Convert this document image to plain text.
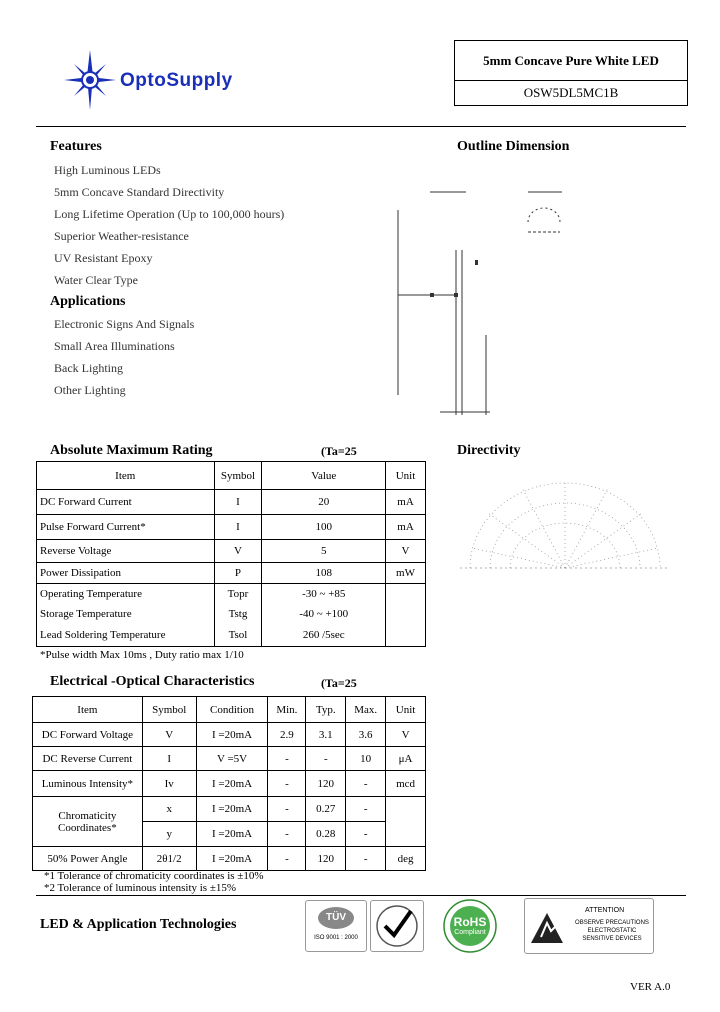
OptoSupply
5mm Concave Pure White LED
OSW5DL5MC1B
Features
High Luminous LEDs
5mm Concave Standard Directivity
Long Lifetime Operation (Up to 100,000 hours)
Superior Weather-resistance
UV Resistant Epoxy
Water Clear Type
Applications
Electronic Signs And Signals
Small Area Illuminations
Back Lighting
Other Lighting
Outline Dimension
Directivity
Absolute Maximum Rating	(Ta=25
Item	Symbol	Value	Unit
DC Forward Current	I	20	mA
Pulse Forward Current*	I	100	mA
Reverse Voltage	V	5	V
Power Dissipation	P	108	mW
Operating Temperature	Topr	-30 ~ +85	
Storage Temperature	Tstg	-40 ~ +100	
Lead Soldering Temperature	Tsol	260 /5sec	
*Pulse width Max 10ms , Duty ratio max 1/10
Electrical -Optical Characteristics	(Ta=25
Item	Symbol	Condition	Min.	Typ.	Max.	Unit
DC Forward Voltage	V	I =20mA	2.9	3.1	3.6	V
DC Reverse Current	I	V =5V	-	-	10	μA
Luminous Intensity*	Iv	I =20mA	-	120	-	mcd
Chromaticity Coordinates*	x	I =20mA	-	0.27	-	
	y	I =20mA	-	0.28	-	
50% Power Angle	2θ1/2	I =20mA	-	120	-	deg
*1 Tolerance of chromaticity coordinates is ±10%
*2 Tolerance of luminous intensity is ±15%
LED & Application Technologies	TÜV
ISO 9001 : 2000
RoHS
Compliant
ATTENTION
OBSERVE PRECAUTIONS ELECTROSTATIC SENSITIVE DEVICES
VER A.0
